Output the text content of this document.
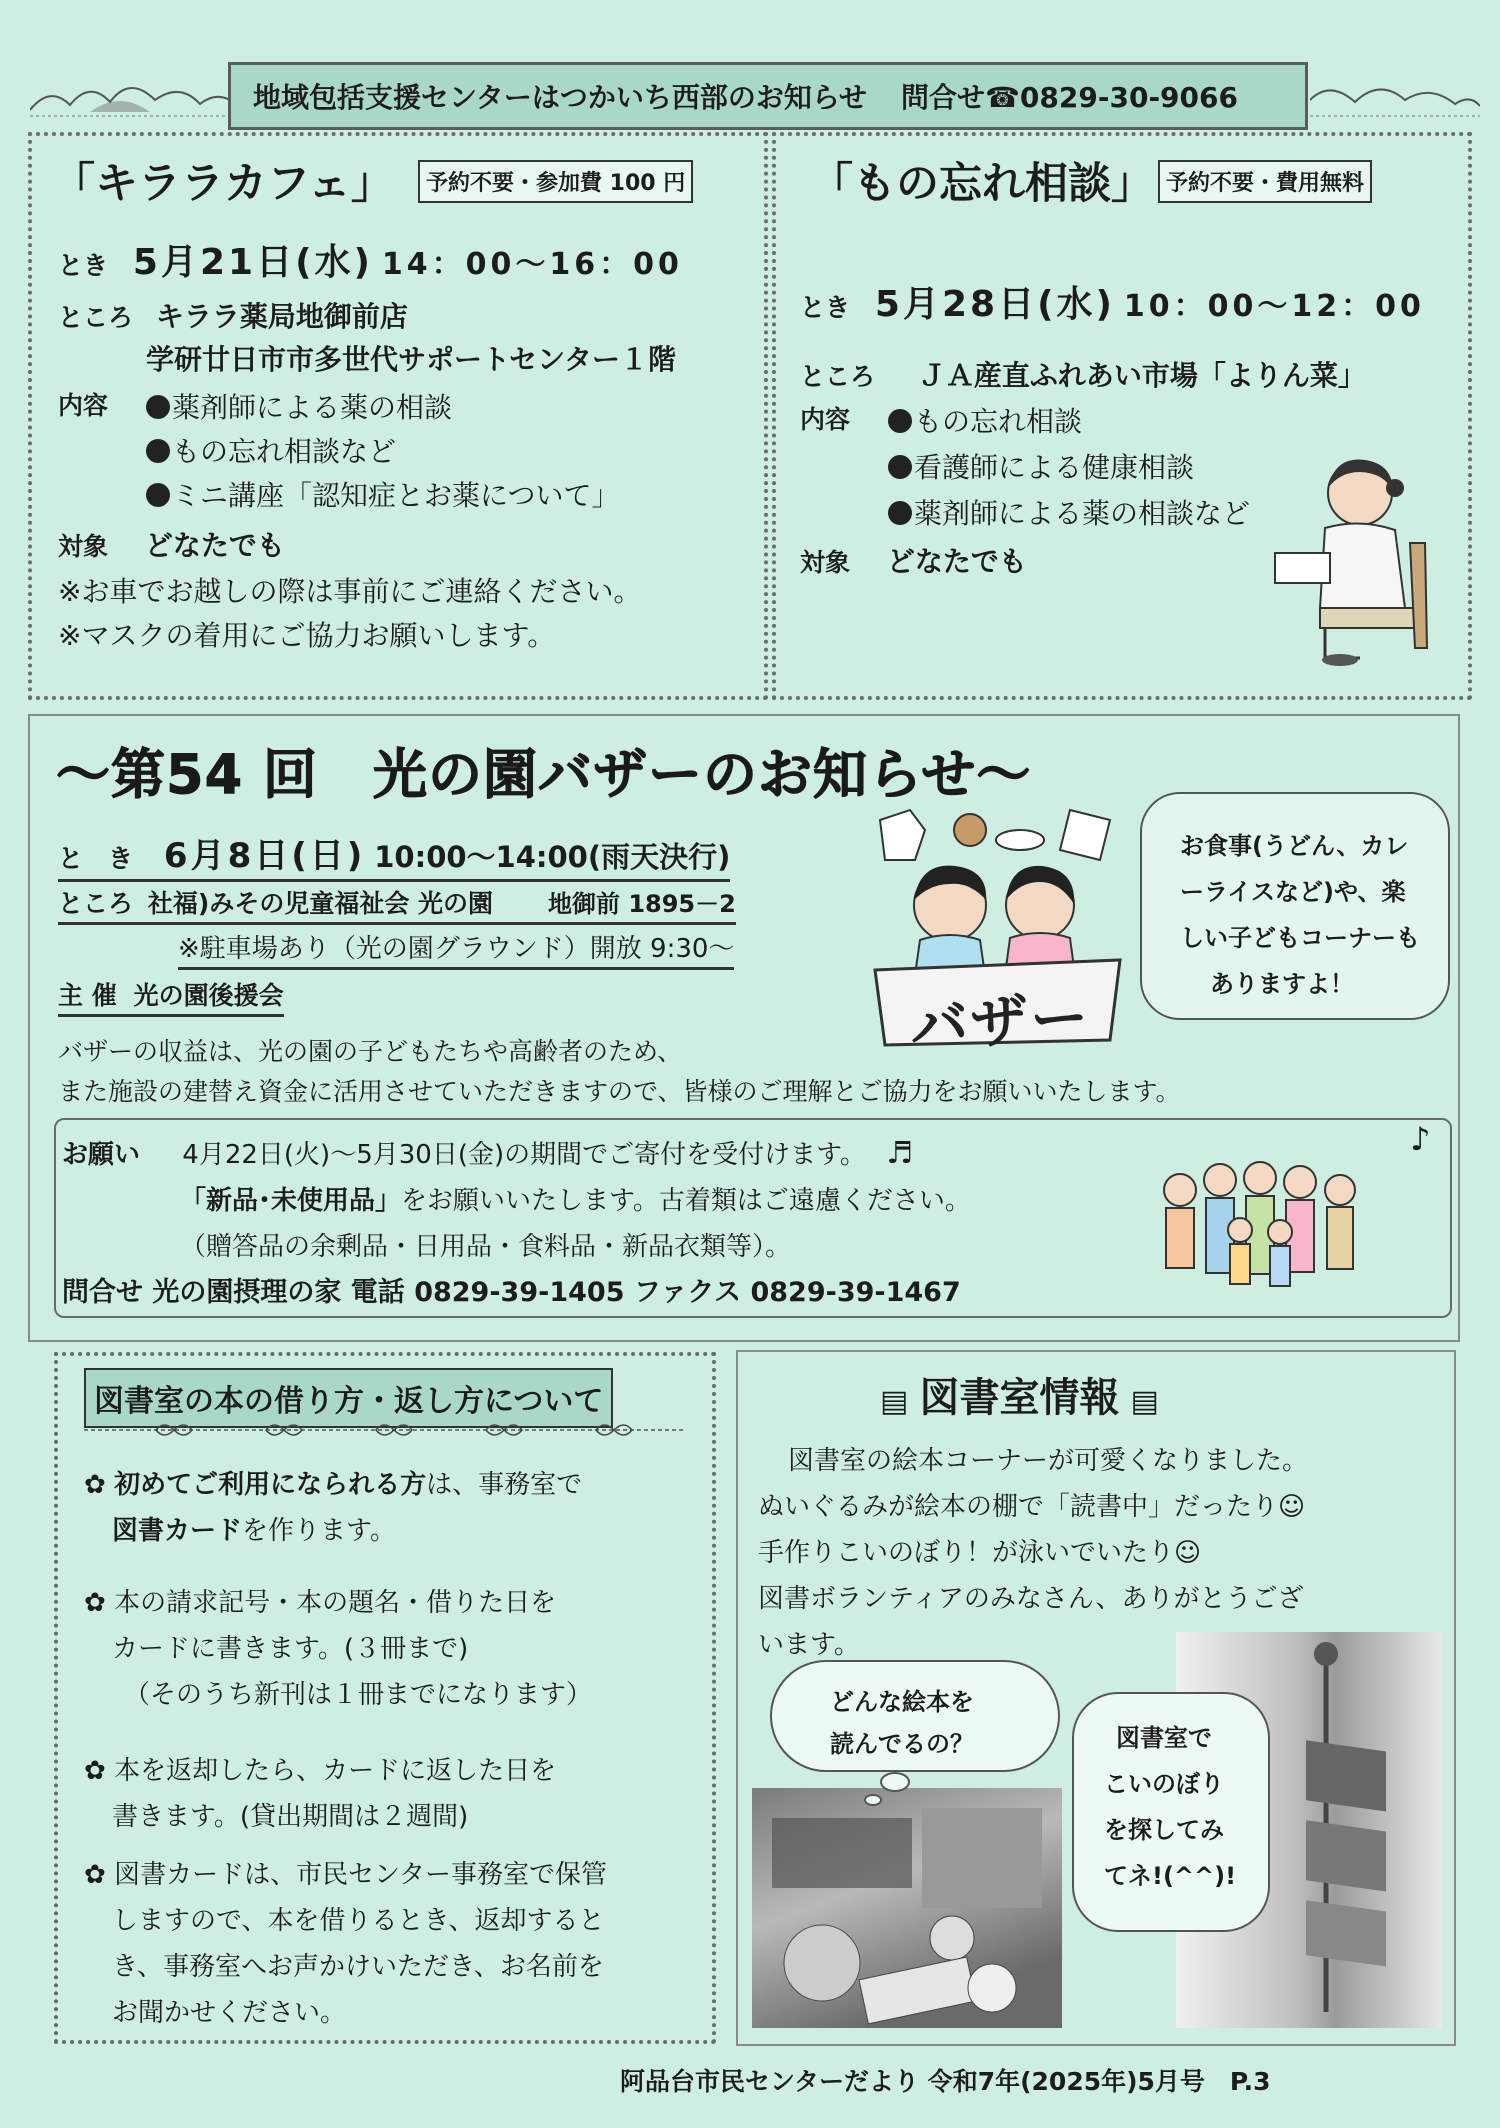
地域包括支援センターはつかいち西部のお知らせ 問合せ☎0829-30-9066
「キララカフェ」	予約不要・参加費 100 円
とき 5月21日(水) 14：00～16：00
ところ キララ薬局地御前店
学研廿日市市多世代サポートセンター１階
内容	薬剤師による薬の相談
もの忘れ相談など
ミニ講座「認知症とお薬について」
対象 どなたでも
※お車でお越しの際は事前にご連絡ください。
※マスクの着用にご協力お願いします。
「もの忘れ相談」 予約不要・費用無料
とき 5月28日(水) 10：00～12：00
ところ ＪＡ産直ふれあい市場「よりん菜」
内容	もの忘れ相談
看護師による健康相談
薬剤師による薬の相談など
対象 どなたでも
～第54 回　光の園バザーのお知らせ～
と　き 6月8日(日) 10:00～14:00(雨天決行)
ところ 社福)みその児童福祉会 光の園 地御前 1895－2
※駐車場あり（光の園グラウンド）開放 9:30～
主 催 光の園後援会
バザーの収益は、光の園の子どもたちや高齢者のため、
また施設の建替え資金に活用させていただきますので、皆様のご理解とご協力をお願いいたします。
バザー
お食事(うどん、カレ
ーライスなど)や、楽
しい子どもコーナーも
ありますよ！
お願い 4月22日(火)～5月30日(金)の期間でご寄付を受付けます。 ♬
「新品･未使用品」をお願いいたします。古着類はご遠慮ください。
（贈答品の余剰品・日用品・食料品・新品衣類等）。
問合せ 光の園摂理の家 電話 0829-39-1405 ファクス 0829-39-1467
♪
図書室の本の借り方・返し方について
✿ 初めてご利用になられる方は、事務室で
図書カードを作ります。
✿ 本の請求記号・本の題名・借りた日を
カードに書きます。(３冊まで)
（そのうち新刊は１冊までになります）
✿ 本を返却したら、カードに返した日を
書きます。(貸出期間は２週間)
✿ 図書カードは、市民センター事務室で保管
しますので、本を借りるとき、返却すると
き、事務室へお声かけいただき、お名前を
お聞かせください。
▤ 図書室情報 ▤
図書室の絵本コーナーが可愛くなりました。
ぬいぐるみが絵本の棚で「読書中」だったり☺
手作りこいのぼり！が泳いでいたり☺
図書ボランティアのみなさん、ありがとうござ
います。
どんな絵本を
読んでるの？	図書室で
こいのぼり
を探してみ
てネ!(^^)!
阿品台市民センターだより 令和7年(2025年)5月号　P.3
